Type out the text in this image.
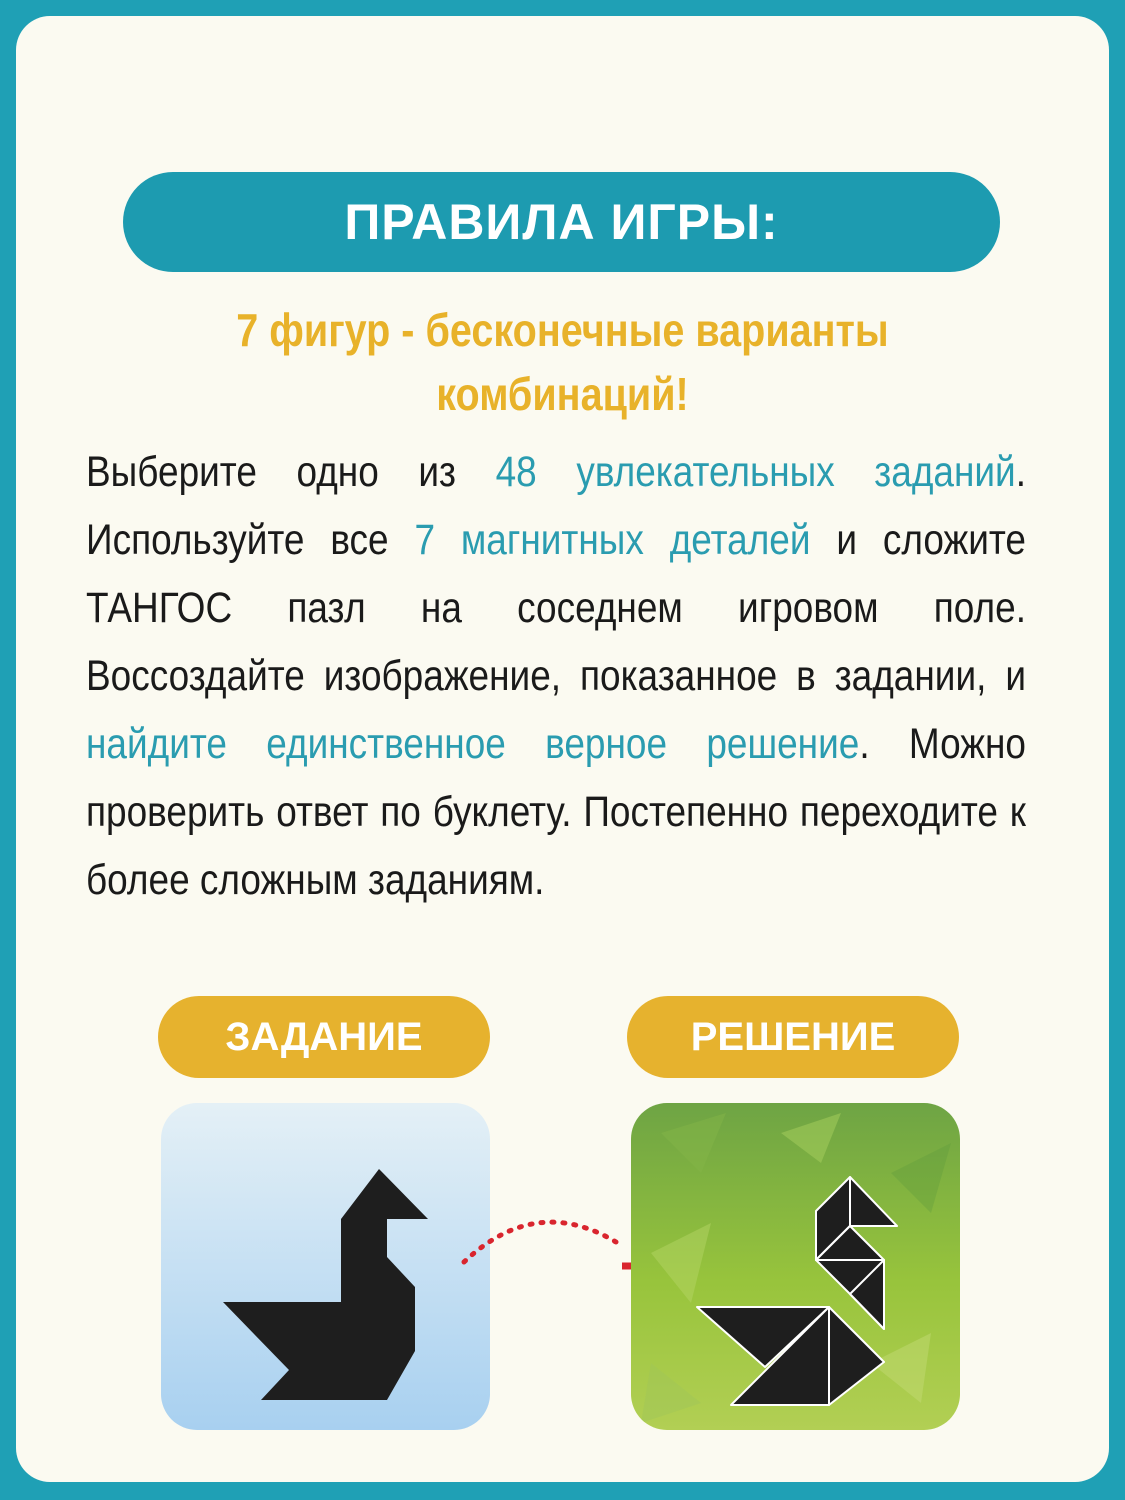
ПРАВИЛА ИГРЫ:
7 фигур - бесконечные варианты
комбинаций!
Выберите одно из 48 увлекательных заданий. Используйте все 7 магнитных деталей и сложите ТАНГОС пазл на соседнем игровом поле. Воссоздайте изображение, показанное в задании, и найдите единственное верное решение. Можно проверить ответ по буклету. Постепенно переходите к более сложным заданиям.
ЗАДАНИЕ	РЕШЕНИЕ
